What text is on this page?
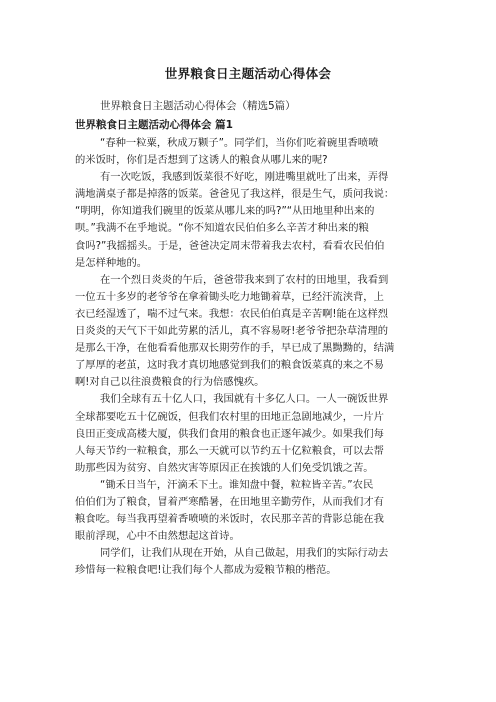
世界粮食日主题活动心得体会
世界粮食日主题活动心得体会（精选5篇）
世界粮食日主题活动心得体会 篇1
“春种一粒粟，秋成万颗子”。同学们，当你们吃着碗里香喷喷
的米饭时，你们是否想到了这诱人的粮食从哪儿来的呢?
有一次吃饭，我感到饭菜很不好吃，刚进嘴里就吐了出来，弄得
满地满桌子都是掉落的饭菜。爸爸见了我这样，很是生气，质问我说：
“明明，你知道我们碗里的饭菜从哪儿来的吗?”“从田地里种出来的
呗。”我满不在乎地说。“你不知道农民伯伯多么辛苦才种出来的粮
食吗?”我摇摇头。于是，爸爸决定周末带着我去农村，看看农民伯伯
是怎样种地的。
在一个烈日炎炎的午后，爸爸带我来到了农村的田地里，我看到
一位五十多岁的老爷爷在拿着锄头吃力地锄着草，已经汗流浃背，上
衣已经湿透了，喘不过气来。我想：农民伯伯真是辛苦啊!能在这样烈
日炎炎的天气下干如此劳累的活儿，真不容易呀!老爷爷把杂草清理的
是那么干净，在他看看他那双长期劳作的手，早已成了黑黝黝的，结满
了厚厚的老茧，这时我才真切地感觉到我们的粮食饭菜真的来之不易
啊!对自己以往浪费粮食的行为倍感愧疚。
我们全球有五十亿人口，我国就有十多亿人口。一人一碗饭世界
全球都要吃五十亿碗饭，但我们农村里的田地正急剧地减少，一片片
良田正变成高楼大厦，供我们食用的粮食也正逐年减少。如果我们每
人每天节约一粒粮食，那么一天就可以节约五十亿粒粮食，可以去帮
助那些因为贫穷、自然灾害等原因正在挨饿的人们免受饥饿之苦。
“锄禾日当午，汗滴禾下土。谁知盘中餐，粒粒皆辛苦。”农民
伯伯们为了粮食，冒着严寒酷暑，在田地里辛勤劳作，从而我们才有
粮食吃。每当我再望着香喷喷的米饭时，农民那辛苦的背影总能在我
眼前浮现，心中不由然想起这首诗。
同学们，让我们从现在开始，从自己做起，用我们的实际行动去
珍惜每一粒粮食吧!让我们每个人都成为爱粮节粮的楷范。
